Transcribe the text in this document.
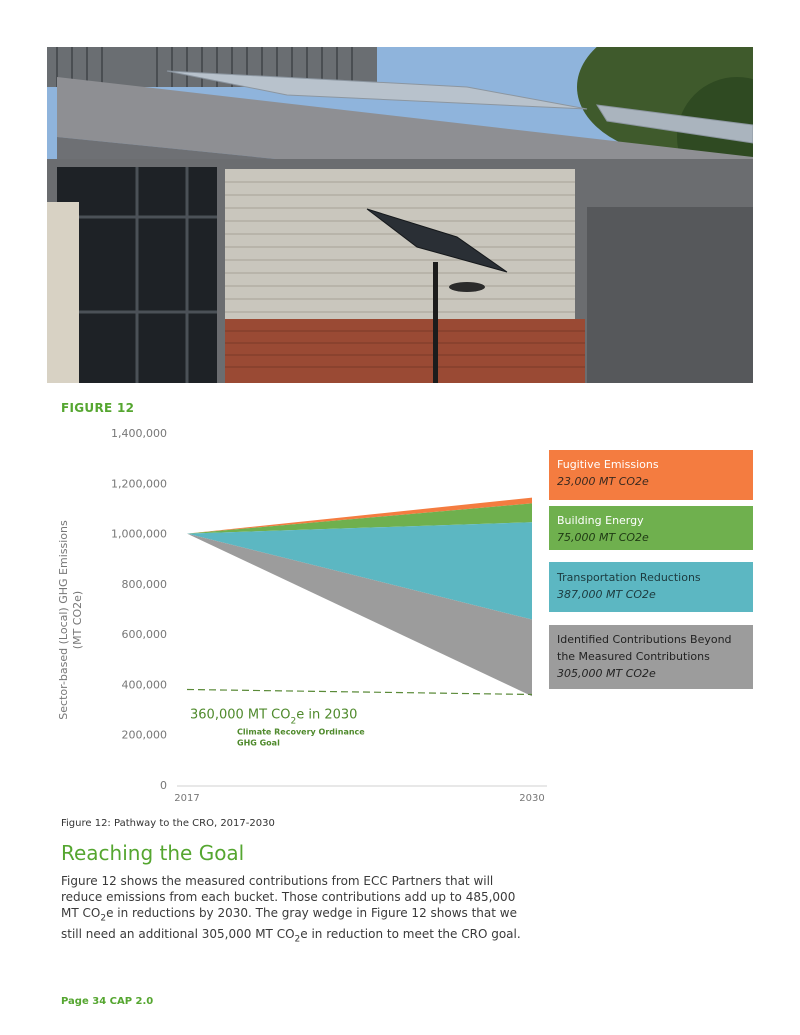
FIGURE 12
Sector-based (Local) GHG Emissions (MT CO2e)
0
200,000
400,000
600,000
800,000
1,000,000
1,200,000
1,400,000
360,000 MT $CO_2e$ in 2030
Climate Recovery Ordinance
GHG Goal
2017	2030
Fugitive Emissions
23,000 MT CO2e
Building Energy
75,000 MT CO2e
Transportation Reductions
387,000 MT CO2e
Identified Contributions Beyond
the Measured Contributions
305,000 MT CO2e
Figure 12: Pathway to the CRO, 2017-2030
Reaching the Goal

Figure 12 shows the measured contributions from ECC Partners that will reduce emissions from each bucket. Those contributions add up to 485,000 MT $CO_2e$ in reductions by 2030. The gray wedge in Figure 12 shows that we still need an additional 305,000 MT $CO_2e$ in reduction to meet the CRO goal.

Page 34 CAP 2.0
